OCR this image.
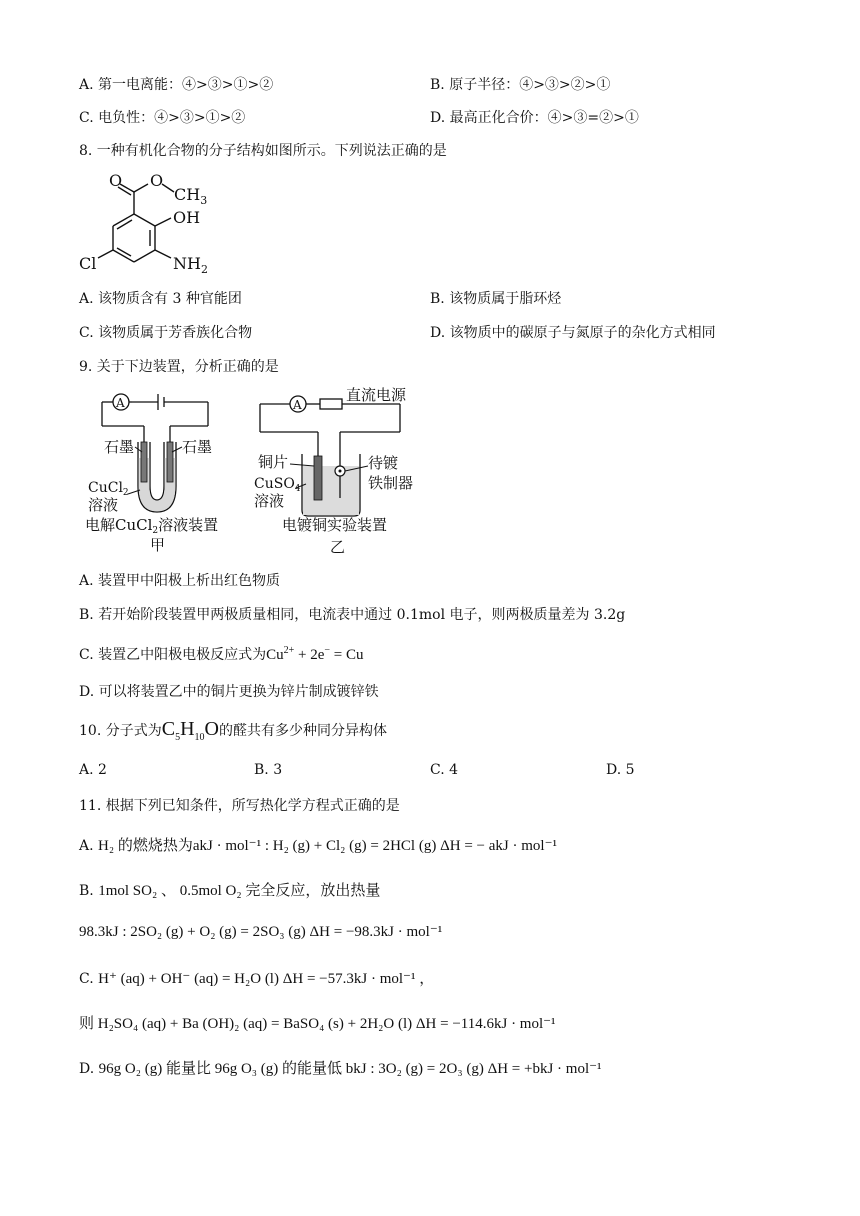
A. 第一电离能：④>③>①>②	B. 原子半径：④>③>②>①
C. 电负性：④>③>①>②	D. 最高正化合价：④>③=②>①
8. 一种有机化合物的分子结构如图所示。下列说法正确的是
O O
$CH_3$
OH
Cl	$NH_2$
A. 该物质含有 3 种官能团	B. 该物质属于脂环烃
C. 该物质属于芳香族化合物	D. 该物质中的碳原子与氮原子的杂化方式相同
9. 关于下边装置，分析正确的是
A
石墨	石墨
CuCl$_2$
溶液
电解CuCl$_2$溶液装置
甲
A
直流电源
铜片
CuSO$_4$
溶液
待镀
铁制器
电镀铜实验装置
乙
A. 装置甲中阳极上析出红色物质
B. 若开始阶段装置甲两极质量相同，电流表中通过 0.1mol 电子，则两极质量差为 3.2g
C. 装置乙中阳极电极反应式为$Cu^{2+} + 2e^- = Cu$
D. 可以将装置乙中的铜片更换为锌片制成镀锌铁
10. 分子式为$C_5H_{10}O$的醛共有多少种同分异构体
A. 2	B. 3	C. 4	D. 5
11. 根据下列已知条件，所写热化学方程式正确的是
A. H₂ 的燃烧热为akJ · mol⁻¹ : H₂ (g) + Cl₂ (g) = 2HCl (g) ΔH = − akJ · mol⁻¹
B. 1mol SO₂ 、 0.5mol O₂ 完全反应，放出热量
98.3kJ : 2SO₂ (g) + O₂ (g) = 2SO₃ (g) ΔH = −98.3kJ · mol⁻¹
C. H⁺ (aq) + OH⁻ (aq) = H₂O (l) ΔH = −57.3kJ · mol⁻¹ ，
则 H₂SO₄ (aq) + Ba (OH)₂ (aq) = BaSO₄ (s) + 2H₂O (l) ΔH = −114.6kJ · mol⁻¹
D. 96g O₂ (g) 能量比 96g O₃ (g) 的能量低 bkJ : 3O₂ (g) = 2O₃ (g) ΔH = +bkJ · mol⁻¹
